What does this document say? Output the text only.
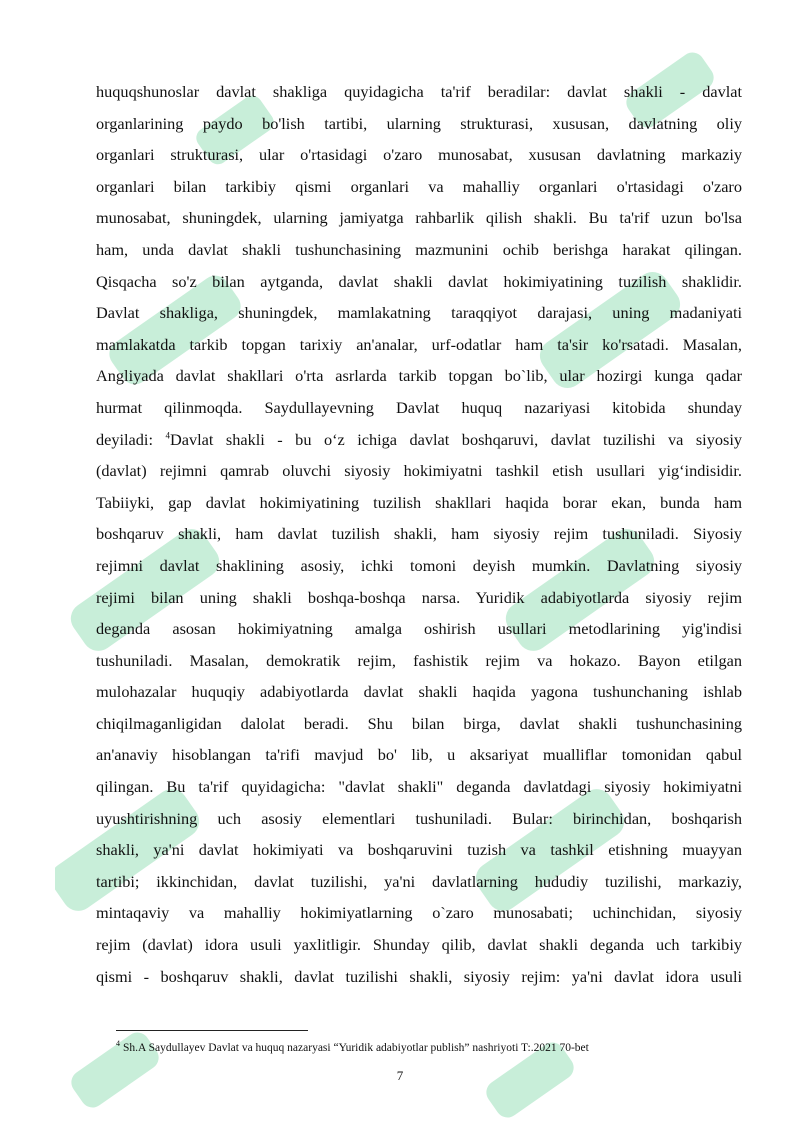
huquqshunoslar davlat shakliga quyidagicha ta'rif beradilar: davlat shakli - davlat
organlarining paydo bo'lish tartibi, ularning strukturasi, xususan, davlatning oliy
organlari strukturasi, ular o'rtasidagi o'zaro munosabat, xususan davlatning markaziy
organlari bilan tarkibiy qismi organlari va mahalliy organlari o'rtasidagi o'zaro
munosabat, shuningdek, ularning jamiyatga rahbarlik qilish shakli. Bu ta'rif uzun bo'lsa
ham, unda davlat shakli tushunchasining mazmunini ochib berishga harakat qilingan.
Qisqacha so'z bilan aytganda, davlat shakli davlat hokimiyatining tuzilish shaklidir.
Davlat shakliga, shuningdek, mamlakatning taraqqiyot darajasi, uning madaniyati
mamlakatda tarkib topgan tarixiy an'analar, urf-odatlar ham ta'sir ko'rsatadi. Masalan,
Angliyada davlat shakllari o'rta asrlarda tarkib topgan bo`lib, ular hozirgi kunga qadar
hurmat qilinmoqda. Saydullayevning Davlat huquq nazariyasi kitobida shunday
deyiladi: $^4$Davlat shakli - bu o‘z ichiga davlat boshqaruvi, davlat tuzilishi va siyosiy
(davlat) rejimni qamrab oluvchi siyosiy hokimiyatni tashkil etish usullari yig‘indisidir.
Tabiiyki, gap davlat hokimiyatining tuzilish shakllari haqida borar ekan, bunda ham
boshqaruv shakli, ham davlat tuzilish shakli, ham siyosiy rejim tushuniladi. Siyosiy
rejimni davlat shaklining asosiy, ichki tomoni deyish mumkin. Davlatning siyosiy
rejimi bilan uning shakli boshqa-boshqa narsa. Yuridik adabiyotlarda siyosiy rejim
deganda asosan hokimiyatning amalga oshirish usullari metodlarining yig'indisi
tushuniladi. Masalan, demokratik rejim, fashistik rejim va hokazo. Bayon etilgan
mulohazalar huquqiy adabiyotlarda davlat shakli haqida yagona tushunchaning ishlab
chiqilmaganligidan dalolat beradi. Shu bilan birga, davlat shakli tushunchasining
an'anaviy hisoblangan ta'rifi mavjud bo' lib, u aksariyat mualliflar tomonidan qabul
qilingan. Bu ta'rif quyidagicha: "davlat shakli" deganda davlatdagi siyosiy hokimiyatni
uyushtirishning uch asosiy elementlari tushuniladi. Bular: birinchidan, boshqarish
shakli, ya'ni davlat hokimiyati va boshqaruvini tuzish va tashkil etishning muayyan
tartibi; ikkinchidan, davlat tuzilishi, ya'ni davlatlarning hududiy tuzilishi, markaziy,
mintaqaviy va mahalliy hokimiyatlarning o`zaro munosabati; uchinchidan, siyosiy
rejim (davlat) idora usuli yaxlitligir. Shunday qilib, davlat shakli deganda uch tarkibiy
qismi - boshqaruv shakli, davlat tuzilishi shakli, siyosiy rejim: ya'ni davlat idora usuli
$^4$ Sh.A Saydullayev Davlat va huquq nazaryasi “Yuridik adabiyotlar publish” nashriyoti T:.2021 70-bet
7
